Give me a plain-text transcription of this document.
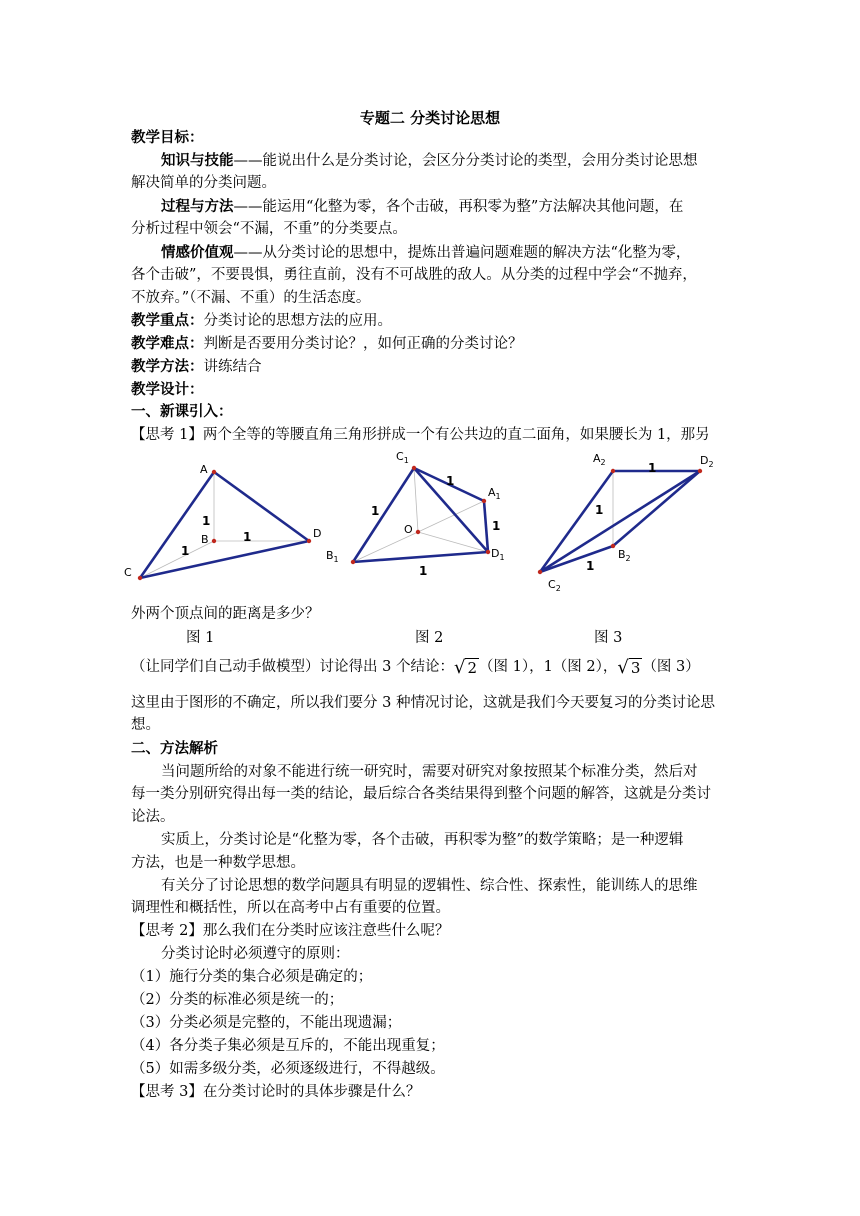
专题二 分类讨论思想
教学目标：
知识与技能——能说出什么是分类讨论，会区分分类讨论的类型，会用分类讨论思想
解决简单的分类问题。
过程与方法——能运用“化整为零，各个击破，再积零为整”方法解决其他问题，在
分析过程中领会“不漏，不重”的分类要点。
情感价值观——从分类讨论的思想中，提炼出普遍问题难题的解决方法“化整为零，
各个击破”，不要畏惧，勇往直前，没有不可战胜的敌人。从分类的过程中学会“不抛弃，
不放弃。”（不漏、不重）的生活态度。
教学重点：分类讨论的思想方法的应用。
教学难点：判断是否要用分类讨论？，如何正确的分类讨论？
教学方法：讲练结合
教学设计：
一、新课引入：
【思考 1】两个全等的等腰直角三角形拼成一个有公共边的直二面角，如果腰长为 1，那另
A
B
C
D
1
1
1
$C_1$
$A_1$
O
$B_1$	$D_1$
1
1
1
1
$A_2$	$D_2$
$B_2$
$C_2$
1
1
1
外两个顶点间的距离是多少？
图 1	图 2	图 3
（让同学们自己动手做模型）讨论得出 3 个结论：√ 2 （图 1），1（图 2），√ 3 （图 3）
这里由于图形的不确定，所以我们要分 3 种情况讨论，这就是我们今天要复习的分类讨论思
想。
二、方法解析
当问题所给的对象不能进行统一研究时，需要对研究对象按照某个标准分类，然后对
每一类分别研究得出每一类的结论，最后综合各类结果得到整个问题的解答，这就是分类讨
论法。
实质上，分类讨论是“化整为零，各个击破，再积零为整”的数学策略；是一种逻辑
方法，也是一种数学思想。
有关分了讨论思想的数学问题具有明显的逻辑性、综合性、探索性，能训练人的思维
调理性和概括性，所以在高考中占有重要的位置。
【思考 2】那么我们在分类时应该注意些什么呢？
分类讨论时必须遵守的原则：
（1）施行分类的集合必须是确定的；
（2）分类的标准必须是统一的；
（3）分类必须是完整的，不能出现遗漏；
（4）各分类子集必须是互斥的，不能出现重复；
（5）如需多级分类，必须逐级进行，不得越级。
【思考 3】在分类讨论时的具体步骤是什么？
